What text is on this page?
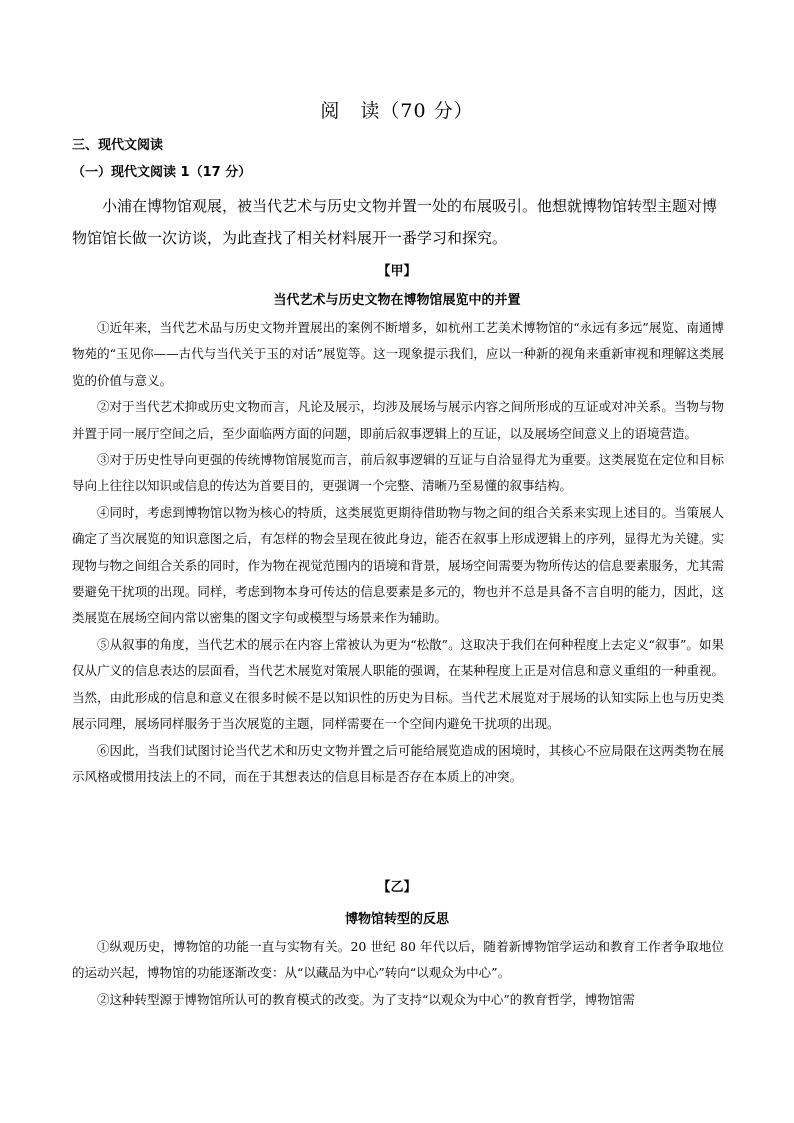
阅　读（70 分）
三、现代文阅读
（一）现代文阅读 1（17 分）
小浦在博物馆观展，被当代艺术与历史文物并置一处的布展吸引。他想就博物馆转型主题对博物馆馆长做一次访谈，为此查找了相关材料展开一番学习和探究。
【甲】
当代艺术与历史文物在博物馆展览中的并置

①近年来，当代艺术品与历史文物并置展出的案例不断增多，如杭州工艺美术博物馆的“永远有多远”展览、南通博物苑的“玉见你——古代与当代关于玉的对话”展览等。这一现象提示我们，应以一种新的视角来重新审视和理解这类展览的价值与意义。

②对于当代艺术抑或历史文物而言，凡论及展示，均涉及展场与展示内容之间所形成的互证或对冲关系。当物与物并置于同一展厅空间之后，至少面临两方面的问题，即前后叙事逻辑上的互证，以及展场空间意义上的语境营造。

③对于历史性导向更强的传统博物馆展览而言，前后叙事逻辑的互证与自洽显得尤为重要。这类展览在定位和目标导向上往往以知识或信息的传达为首要目的，更强调一个完整、清晰乃至易懂的叙事结构。

④同时，考虑到博物馆以物为核心的特质，这类展览更期待借助物与物之间的组合关系来实现上述目的。当策展人确定了当次展览的知识意图之后，有怎样的物会呈现在彼此身边，能否在叙事上形成逻辑上的序列，显得尤为关键。实现物与物之间组合关系的同时，作为物在视觉范围内的语境和背景，展场空间需要为物所传达的信息要素服务，尤其需要避免干扰项的出现。同样，考虑到物本身可传达的信息要素是多元的，物也并不总是具备不言自明的能力，因此，这类展览在展场空间内常以密集的图文字句或模型与场景来作为辅助。

⑤从叙事的角度，当代艺术的展示在内容上常被认为更为“松散”。这取决于我们在何种程度上去定义“叙事”。如果仅从广义的信息表达的层面看，当代艺术展览对策展人职能的强调，在某种程度上正是对信息和意义重组的一种重视。当然，由此形成的信息和意义在很多时候不是以知识性的历史为目标。当代艺术展览对于展场的认知实际上也与历史类展示同理，展场同样服务于当次展览的主题，同样需要在一个空间内避免干扰项的出现。

⑥因此，当我们试图讨论当代艺术和历史文物并置之后可能给展览造成的困境时，其核心不应局限在这两类物在展示风格或惯用技法上的不同，而在于其想表达的信息目标是否存在本质上的冲突。

【乙】
博物馆转型的反思

①纵观历史，博物馆的功能一直与实物有关。20 世纪 80 年代以后，随着新博物馆学运动和教育工作者争取地位的运动兴起，博物馆的功能逐渐改变：从“以藏品为中心”转向“以观众为中心”。

②这种转型源于博物馆所认可的教育模式的改变。为了支持“以观众为中心”的教育哲学，博物馆需
